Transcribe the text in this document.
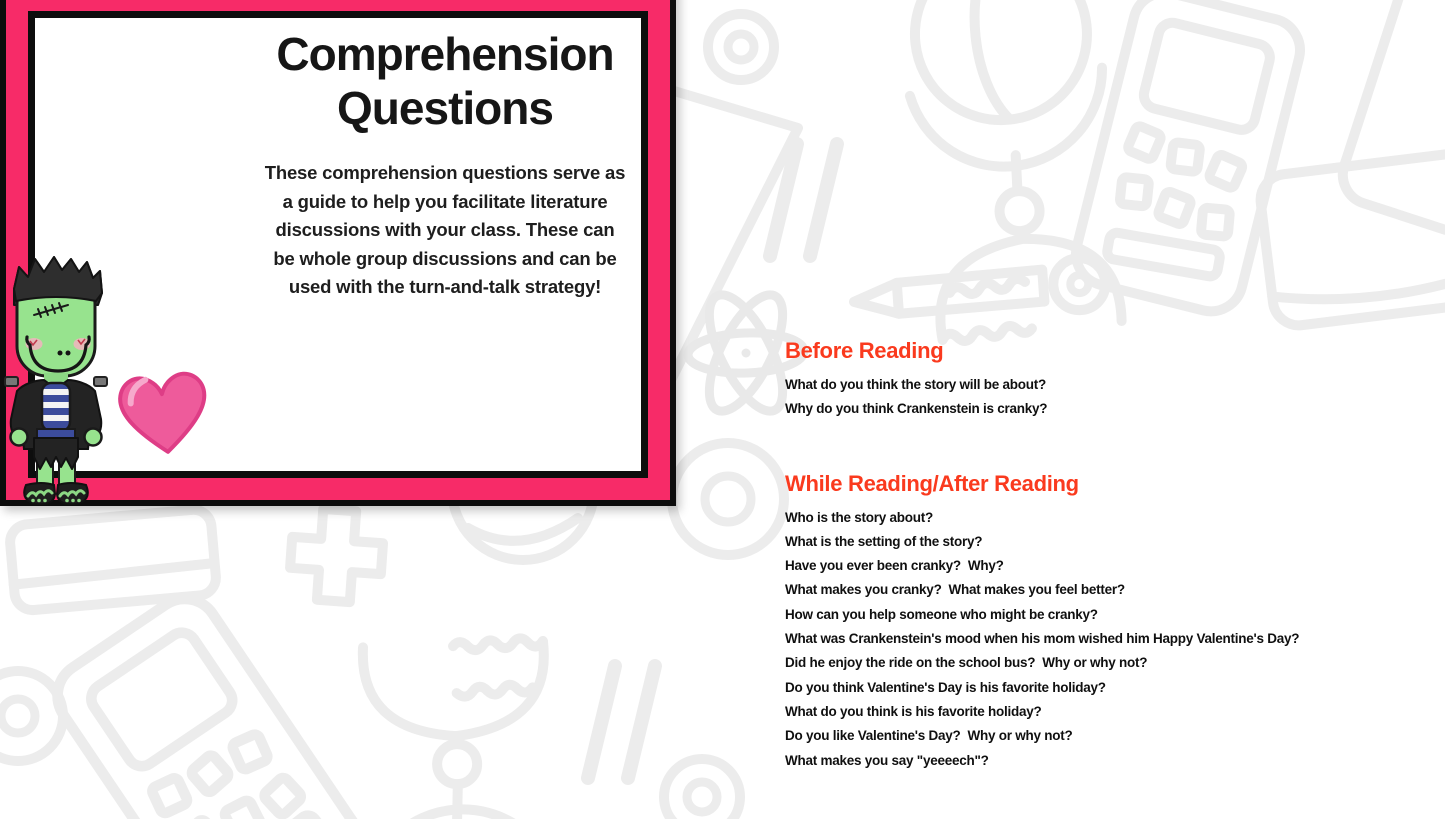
Comprehension
Questions
These comprehension questions serve as
a guide to help you facilitate literature
discussions with your class. These can
be whole group discussions and can be
used with the turn-and-talk strategy!
Before Reading
What do you think the story will be about?
Why do you think Crankenstein is cranky?
While Reading/After Reading
Who is the story about?
What is the setting of the story?
Have you ever been cranky?  Why?
What makes you cranky?  What makes you feel better?
How can you help someone who might be cranky?
What was Crankenstein's mood when his mom wished him Happy Valentine's Day?
Did he enjoy the ride on the school bus?  Why or why not?
Do you think Valentine's Day is his favorite holiday?
What do you think is his favorite holiday?
Do you like Valentine's Day?  Why or why not?
What makes you say "yeeeech"?
